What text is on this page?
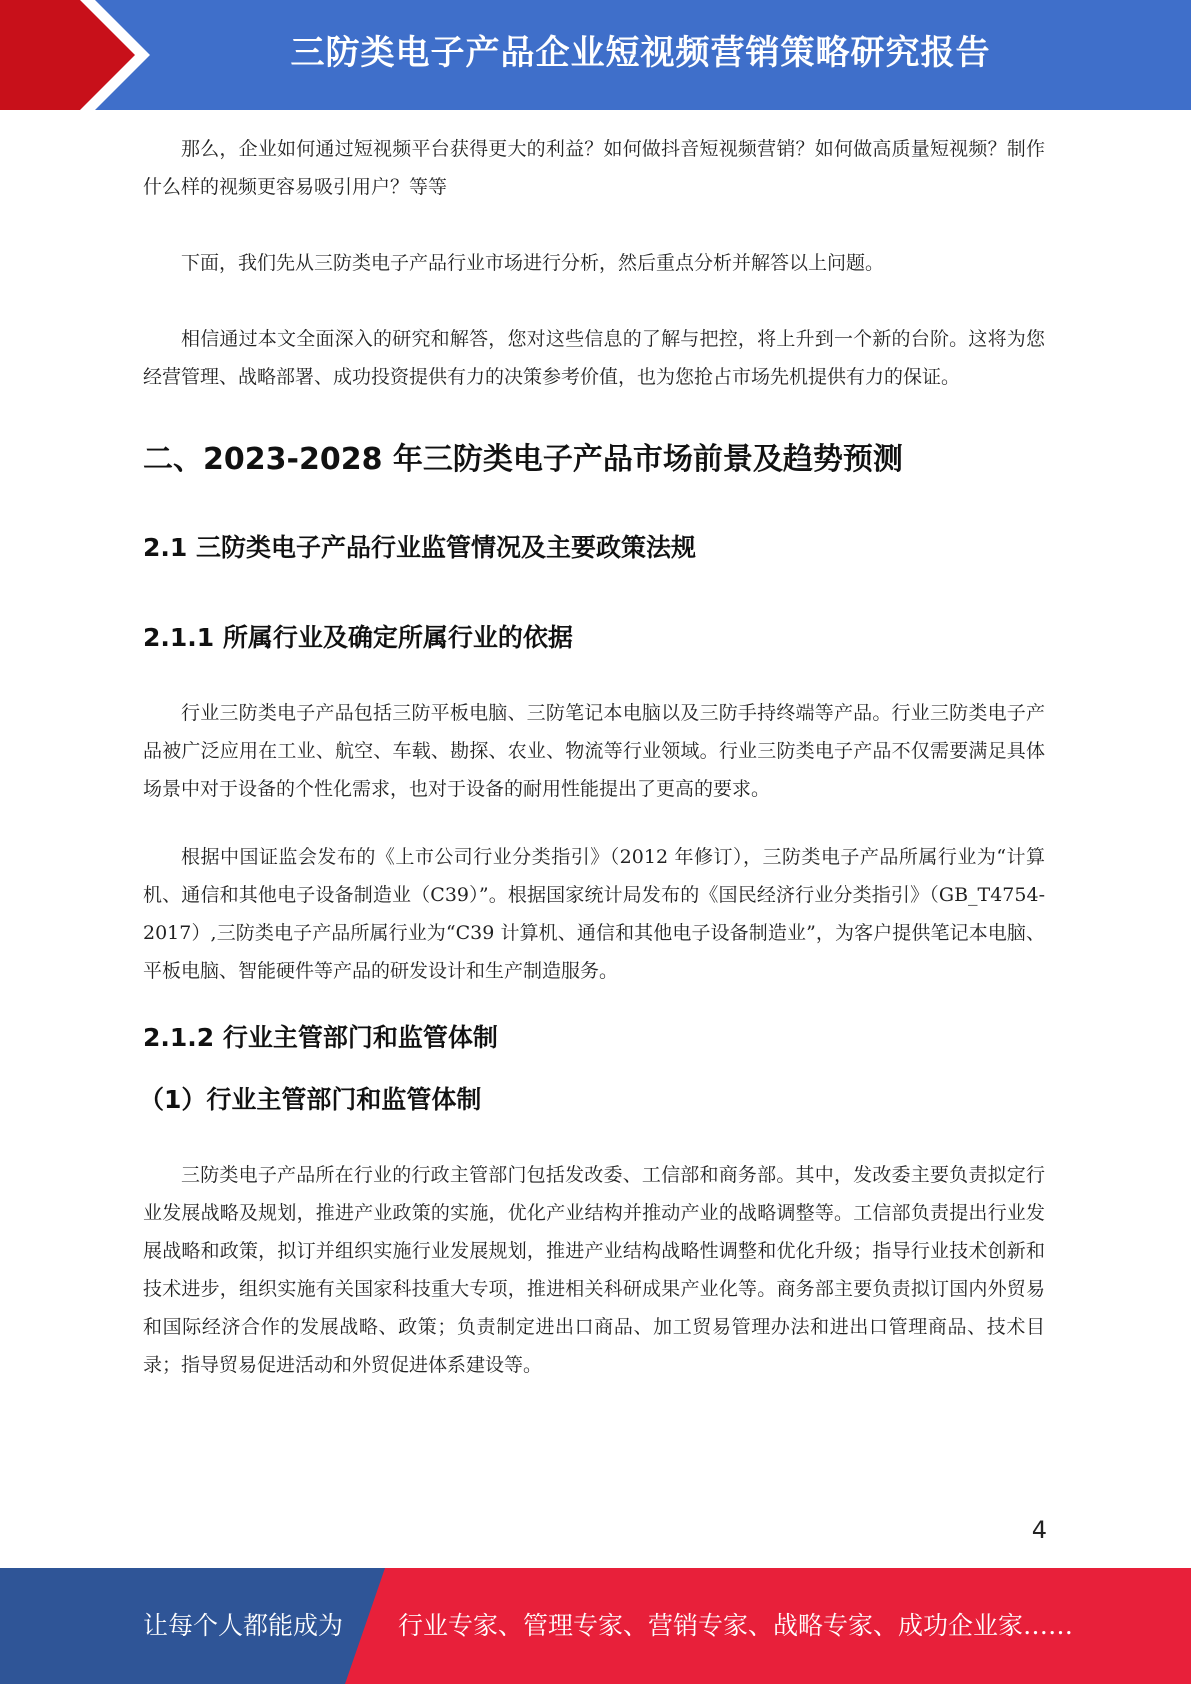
三防类电子产品企业短视频营销策略研究报告

那么，企业如何通过短视频平台获得更大的利益？如何做抖音短视频营销？如何做高质量短视频？制作什么样的视频更容易吸引用户？等等

下面，我们先从三防类电子产品行业市场进行分析，然后重点分析并解答以上问题。

相信通过本文全面深入的研究和解答，您对这些信息的了解与把控，将上升到一个新的台阶。这将为您经营管理、战略部署、成功投资提供有力的决策参考价值，也为您抢占市场先机提供有力的保证。

二、2023-2028 年三防类电子产品市场前景及趋势预测
2.1 三防类电子产品行业监管情况及主要政策法规
2.1.1 所属行业及确定所属行业的依据

行业三防类电子产品包括三防平板电脑、三防笔记本电脑以及三防手持终端等产品。行业三防类电子产品被广泛应用在工业、航空、车载、勘探、农业、物流等行业领域。行业三防类电子产品不仅需要满足具体场景中对于设备的个性化需求，也对于设备的耐用性能提出了更高的要求。

根据中国证监会发布的《上市公司行业分类指引》（2012 年修订），三防类电子产品所属行业为“计算机、通信和其他电子设备制造业（C39）”。根据国家统计局发布的《国民经济行业分类指引》（GB_T4754-2017）,三防类电子产品所属行业为“C39 计算机、通信和其他电子设备制造业”，为客户提供笔记本电脑、平板电脑、智能硬件等产品的研发设计和生产制造服务。

2.1.2 行业主管部门和监管体制
（1）行业主管部门和监管体制

三防类电子产品所在行业的行政主管部门包括发改委、工信部和商务部。其中，发改委主要负责拟定行业发展战略及规划，推进产业政策的实施，优化产业结构并推动产业的战略调整等。工信部负责提出行业发展战略和政策，拟订并组织实施行业发展规划，推进产业结构战略性调整和优化升级；指导行业技术创新和技术进步，组织实施有关国家科技重大专项，推进相关科研成果产业化等。商务部主要负责拟订国内外贸易和国际经济合作的发展战略、政策；负责制定进出口商品、加工贸易管理办法和进出口管理商品、技术目录；指导贸易促进活动和外贸促进体系建设等。

4
让每个人都能成为 行业专家、管理专家、营销专家、战略专家、成功企业家……
